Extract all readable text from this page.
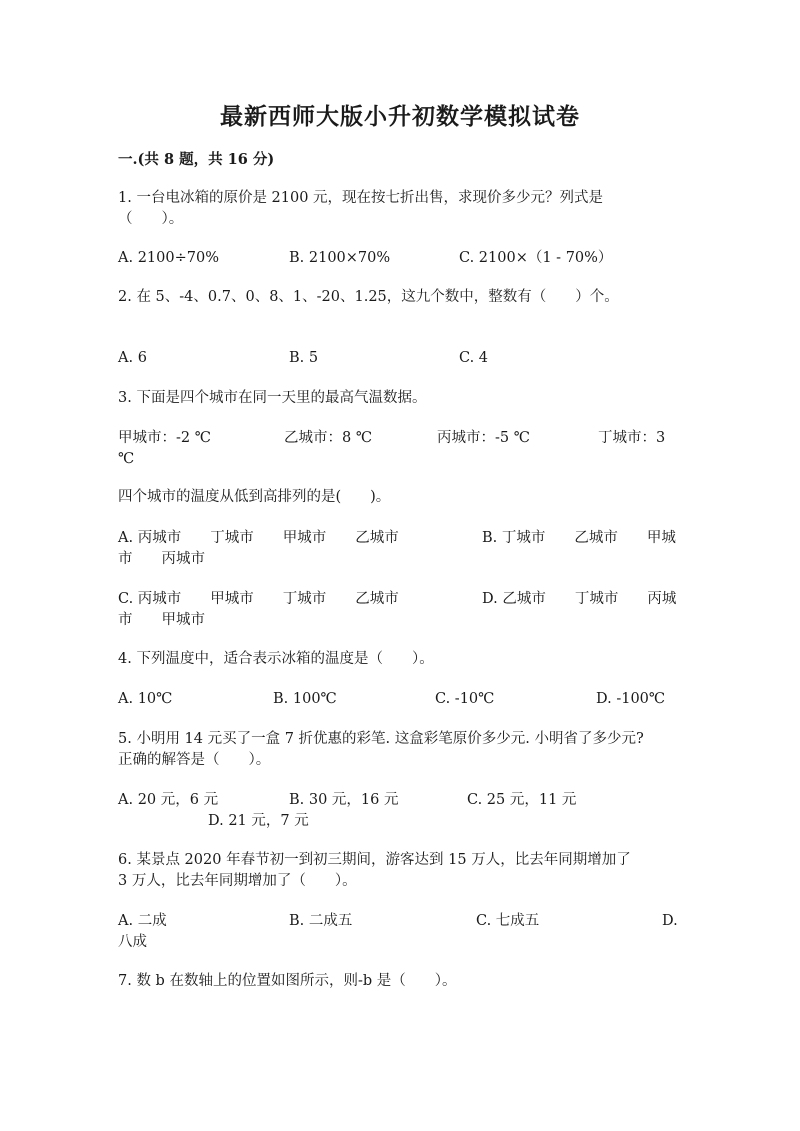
最新西师大版小升初数学模拟试卷
一.(共 8 题，共 16 分)
1. 一台电冰箱的原价是 2100 元，现在按七折出售，求现价多少元？列式是
（　　）。
A. 2100÷70%	B. 2100×70%	C. 2100×（1 - 70%）
2. 在 5、-4、0.7、0、8、1、-20、1.25，这九个数中，整数有（　　）个。
A. 6	B. 5	C. 4
3. 下面是四个城市在同一天里的最高气温数据。
甲城市：-2 ℃	乙城市：8 ℃	丙城市：-5 ℃	丁城市：3
℃
四个城市的温度从低到高排列的是(　　)。
A. 丙城市　　丁城市　　甲城市　　乙城市	B. 丁城市　　乙城市　　甲城
市　　丙城市
C. 丙城市　　甲城市　　丁城市　　乙城市	D. 乙城市　　丁城市　　丙城
市　　甲城市
4. 下列温度中，适合表示冰箱的温度是（　　）。
A. 10℃	B. 100℃	C. -10℃	D. -100℃
5. 小明用 14 元买了一盒 7 折优惠的彩笔. 这盒彩笔原价多少元. 小明省了多少元?
正确的解答是（　　）。
A. 20 元，6 元	B. 30 元，16 元	C. 25 元，11 元
D. 21 元，7 元
6. 某景点 2020 年春节初一到初三期间，游客达到 15 万人，比去年同期增加了
3 万人，比去年同期增加了（　　）。
A. 二成	B. 二成五	C. 七成五	D.
八成
7. 数 b 在数轴上的位置如图所示，则-b 是（　　）。
